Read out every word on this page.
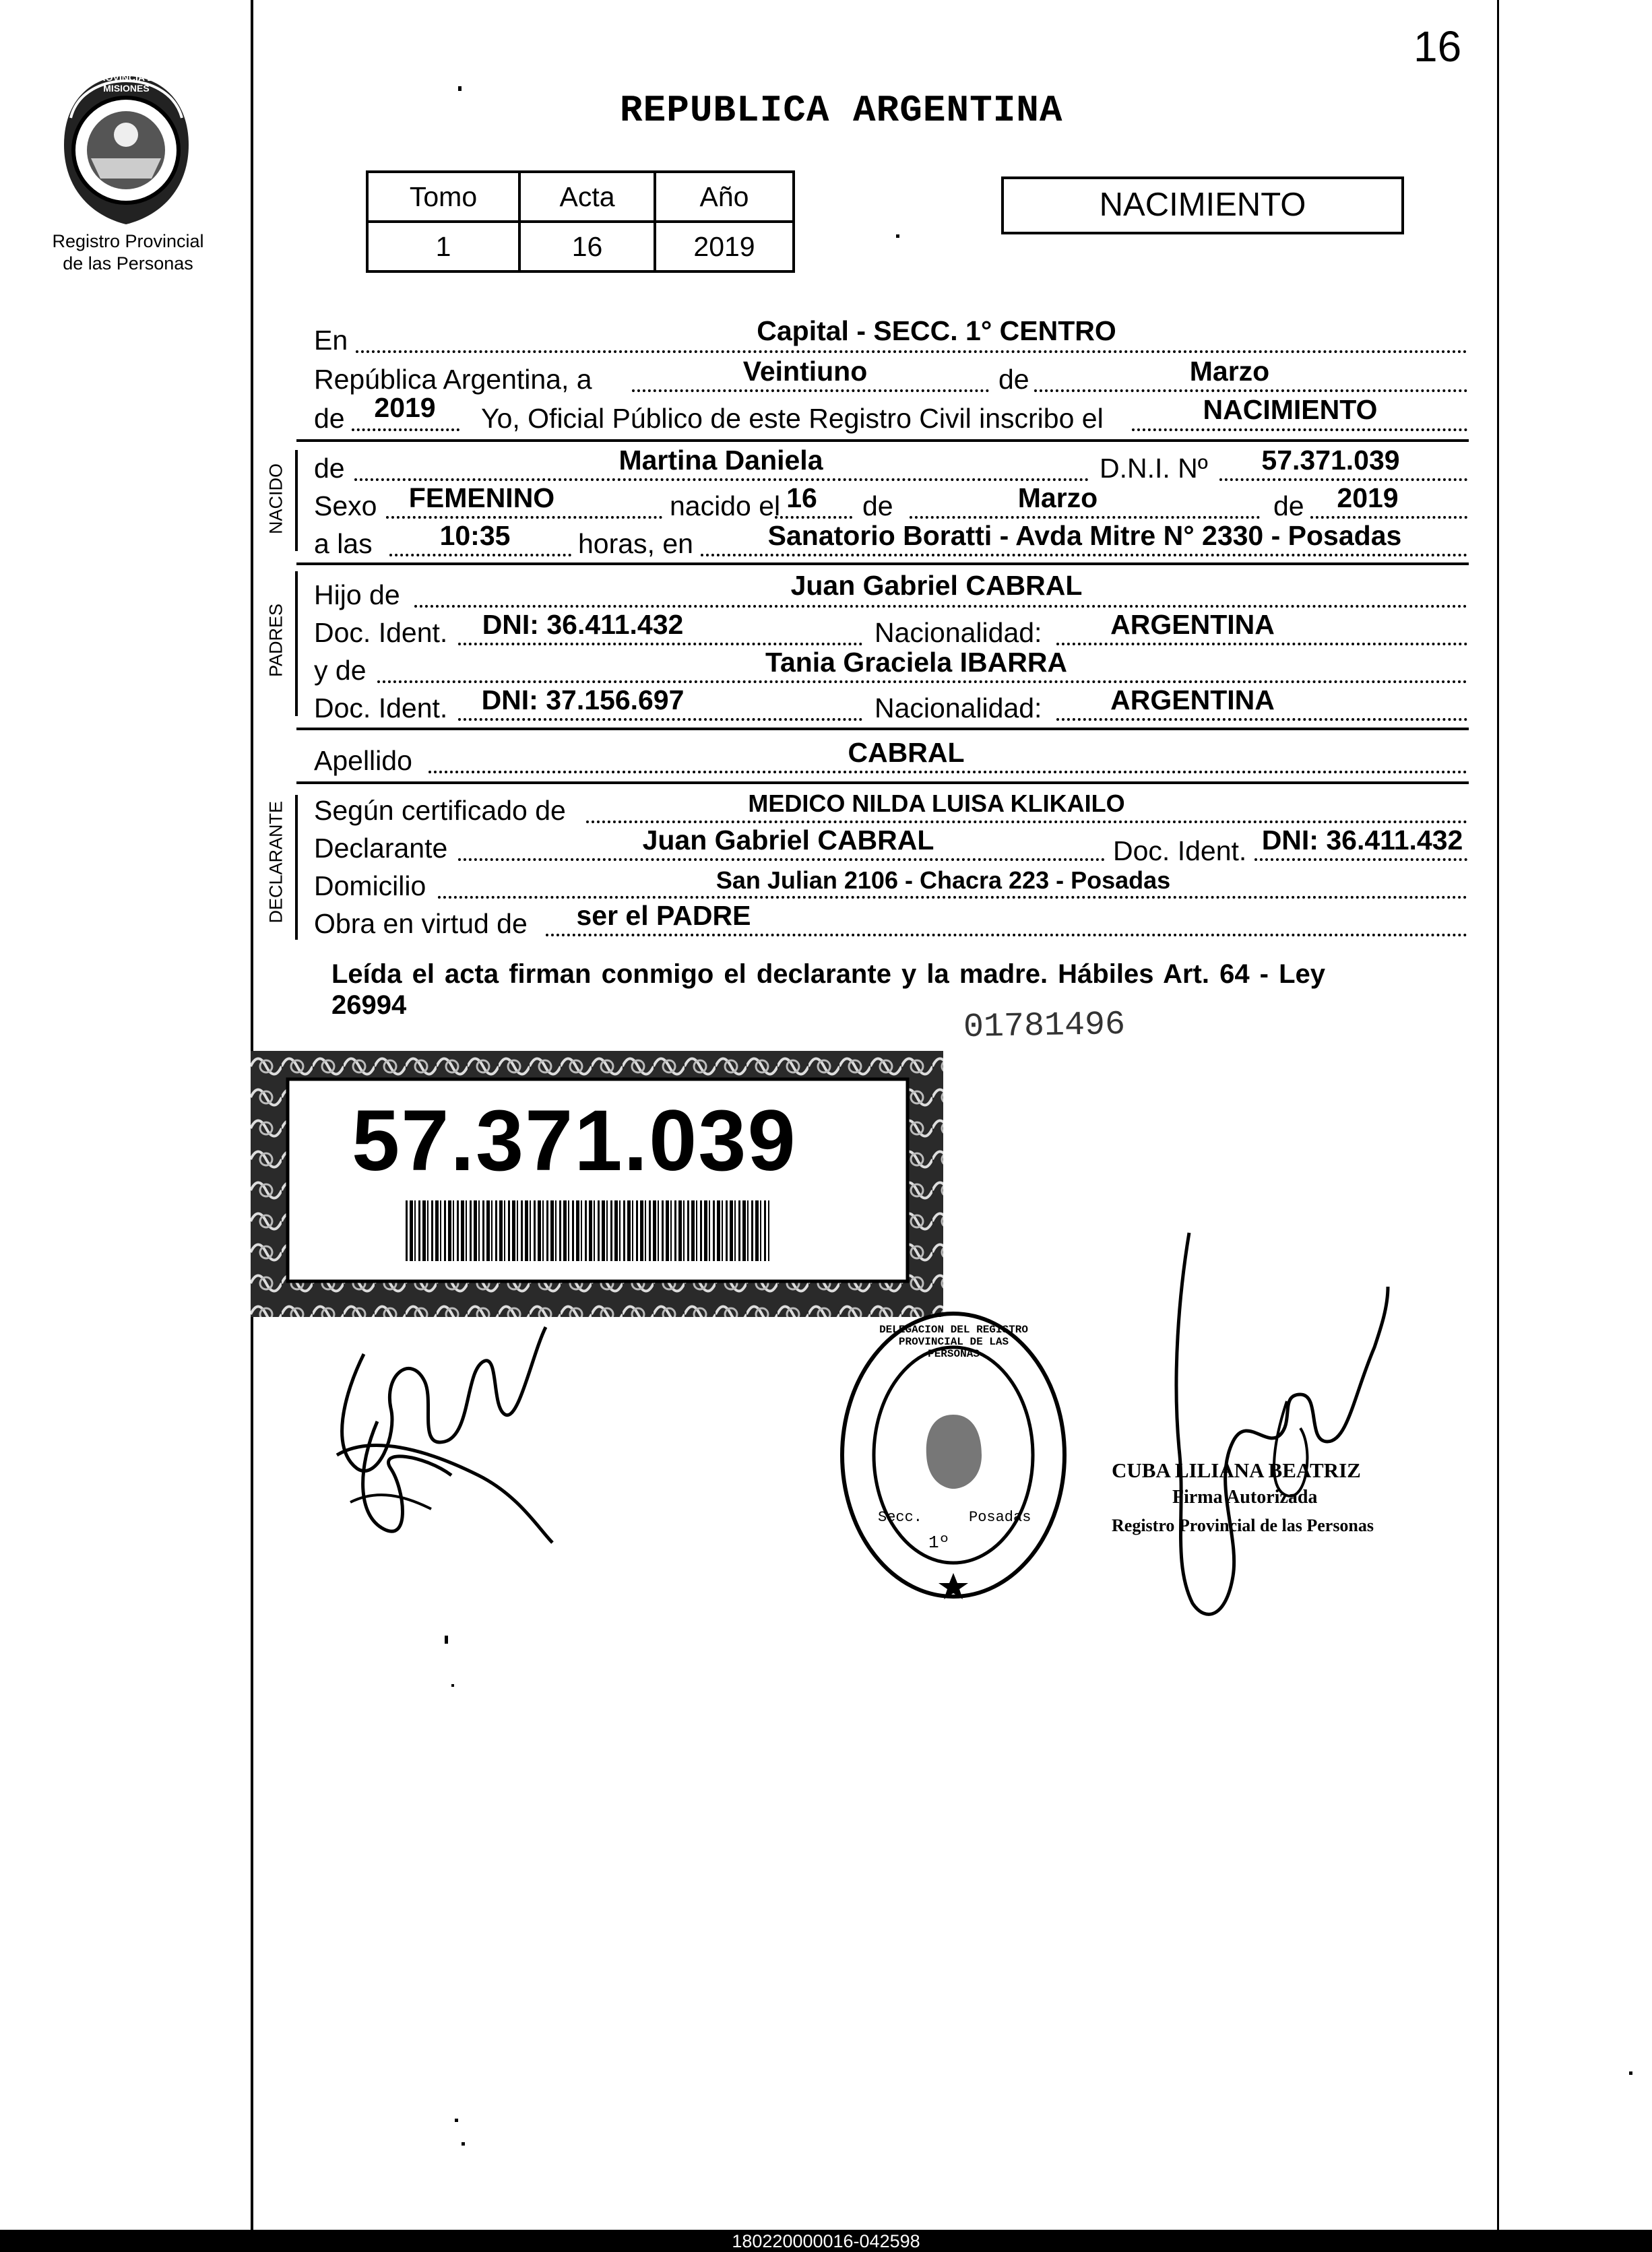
PROVINCIA DE MISIONES
Registro Provincial
de las Personas
16
REPUBLICA ARGENTINA
Tomo	Acta	Año
1	16	2019
NACIMIENTO
En	Capital - SECC. 1° CENTRO
República Argentina, a	Veintiuno	de	Marzo
de	2019	Yo, Oficial Público de este Registro Civil inscribo el	NACIMIENTO
NACIDO de	Martina Daniela	D.N.I. Nº	57.371.039
Sexo	FEMENINO	nacido el 16	de	Marzo	de	2019
a las	10:35	horas, en	Sanatorio Boratti - Avda Mitre N° 2330 - Posadas
PADRES
Hijo de	Juan Gabriel CABRAL
Doc. Ident.	DNI: 36.411.432	Nacionalidad:	ARGENTINA
y de	Tania Graciela IBARRA
Doc. Ident.	DNI: 37.156.697	Nacionalidad:	ARGENTINA
Apellido	CABRAL
DECLARANTE Según certificado de	MEDICO NILDA LUISA KLIKAILO
Declarante	Juan Gabriel CABRAL	Doc. Ident. DNI: 36.411.432
Domicilio	San Julian 2106 - Chacra 223 - Posadas
Obra en virtud de	ser el PADRE
Leída el acta firman conmigo el declarante y la madre. Hábiles Art. 64 - Ley
26994
01781496
57.371.039
DELEGACION DEL REGISTRO PROVINCIAL DE LAS PERSONAS
Secc.
1º
Posadas
CUBA LILIANA BEATRIZ
Firma Autorizada
Registro Provincial de las Personas
180220000016-042598
